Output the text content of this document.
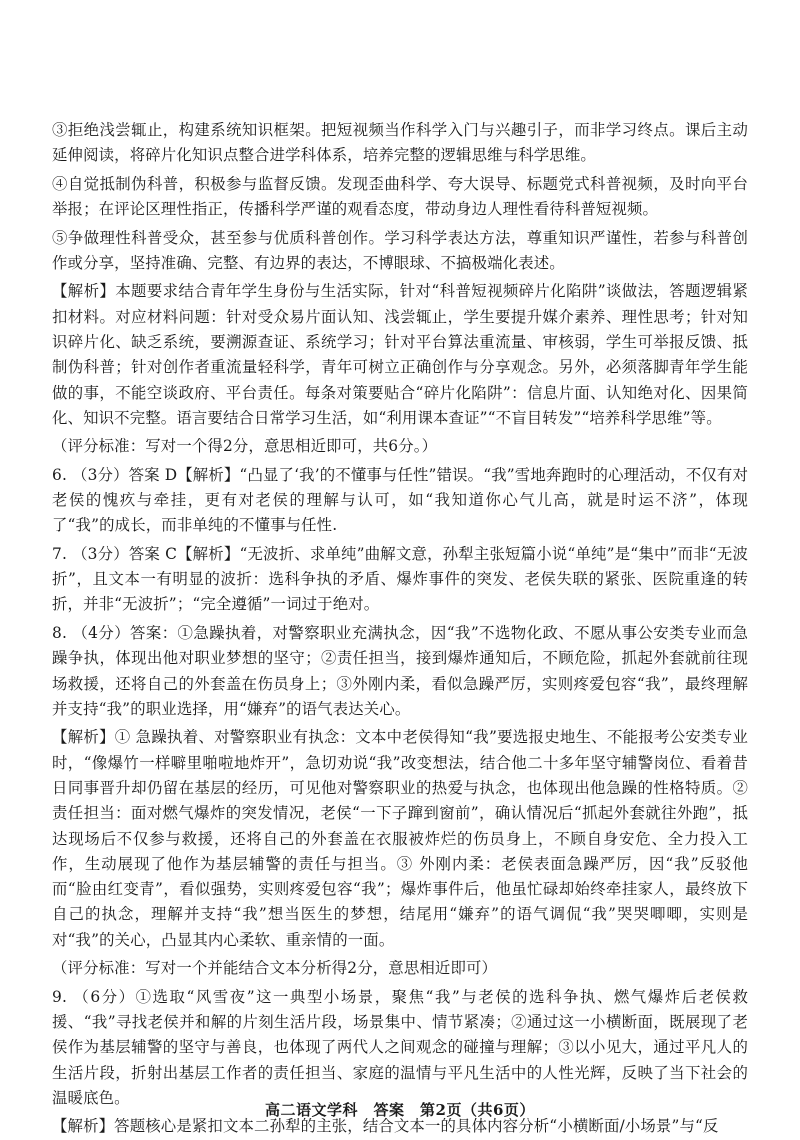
③拒绝浅尝辄止，构建系统知识框架。把短视频当作科学入门与兴趣引子，而非学习终点。课后主动延伸阅读，将碎片化知识点整合进学科体系，培养完整的逻辑思维与科学思维。

④自觉抵制伪科普，积极参与监督反馈。发现歪曲科学、夸大误导、标题党式科普视频，及时向平台举报；在评论区理性指正，传播科学严谨的观看态度，带动身边人理性看待科普短视频。

⑤争做理性科普受众，甚至参与优质科普创作。学习科学表达方法，尊重知识严谨性，若参与科普创作或分享，坚持准确、完整、有边界的表达，不博眼球、不搞极端化表述。

【解析】本题要求结合青年学生身份与生活实际，针对“科普短视频碎片化陷阱”谈做法，答题逻辑紧扣材料。对应材料问题：针对受众易片面认知、浅尝辄止，学生要提升媒介素养、理性思考；针对知识碎片化、缺乏系统，要溯源查证、系统学习；针对平台算法重流量、审核弱，学生可举报反馈、抵制伪科普；针对创作者重流量轻科学，青年可树立正确创作与分享观念。另外，必须落脚青年学生能做的事，不能空谈政府、平台责任。每条对策要贴合“碎片化陷阱”：信息片面、认知绝对化、因果简化、知识不完整。语言要结合日常学习生活，如“利用课本查证”“不盲目转发”“培养科学思维”等。

（评分标准：写对一个得2分，意思相近即可，共6分。）

6. （3分）答案 D【解析】“凸显了‘我’的不懂事与任性”错误。“我”雪地奔跑时的心理活动，不仅有对老侯的愧疚与牵挂，更有对老侯的理解与认可，如“我知道你心气儿高，就是时运不济”，体现了“我”的成长，而非单纯的不懂事与任性.

7. （3分）答案 C【解析】“无波折、求单纯”曲解文意，孙犁主张短篇小说“单纯”是“集中”而非“无波折”，且文本一有明显的波折：选科争执的矛盾、爆炸事件的突发、老侯失联的紧张、医院重逢的转折，并非“无波折”；“完全遵循”一词过于绝对。

8. （4分）答案：①急躁执着，对警察职业充满执念，因“我”不选物化政、不愿从事公安类专业而急躁争执，体现出他对职业梦想的坚守；②责任担当，接到爆炸通知后，不顾危险，抓起外套就前往现场救援，还将自己的外套盖在伤员身上；③外刚内柔，看似急躁严厉，实则疼爱包容“我”，最终理解并支持“我”的职业选择，用“嫌弃”的语气表达关心。

【解析】① 急躁执着、对警察职业有执念：文本中老侯得知“我”要选报史地生、不能报考公安类专业时，“像爆竹一样噼里啪啦地炸开”，急切劝说“我”改变想法，结合他二十多年坚守辅警岗位、看着昔日同事晋升却仍留在基层的经历，可见他对警察职业的热爱与执念，也体现出他急躁的性格特质。② 责任担当：面对燃气爆炸的突发情况，老侯“一下子蹿到窗前”，确认情况后“抓起外套就往外跑”，抵达现场后不仅参与救援，还将自己的外套盖在衣服被炸烂的伤员身上，不顾自身安危、全力投入工作，生动展现了他作为基层辅警的责任与担当。③ 外刚内柔：老侯表面急躁严厉，因“我”反驳他而“脸由红变青”，看似强势，实则疼爱包容“我”；爆炸事件后，他虽忙碌却始终牵挂家人，最终放下自己的执念，理解并支持“我”想当医生的梦想，结尾用“嫌弃”的语气调侃“我”哭哭唧唧，实则是对“我”的关心，凸显其内心柔软、重亲情的一面。

（评分标准：写对一个并能结合文本分析得2分，意思相近即可）

9. （6分）①选取“风雪夜”这一典型小场景，聚焦“我”与老侯的选科争执、燃气爆炸后老侯救援、“我”寻找老侯并和解的片刻生活片段，场景集中、情节紧凑；②通过这一小横断面，既展现了老侯作为基层辅警的坚守与善良，也体现了两代人之间观念的碰撞与理解；③以小见大，通过平凡人的生活片段，折射出基层工作者的责任担当、家庭的温情与平凡生活中的人性光辉，反映了当下社会的温暖底色。

【解析】答题核心是紧扣文本二孙犁的主张，结合文本一的具体内容分析“小横断面/小场景”与“反

高二语文学科　答案　第2页（共6页）
